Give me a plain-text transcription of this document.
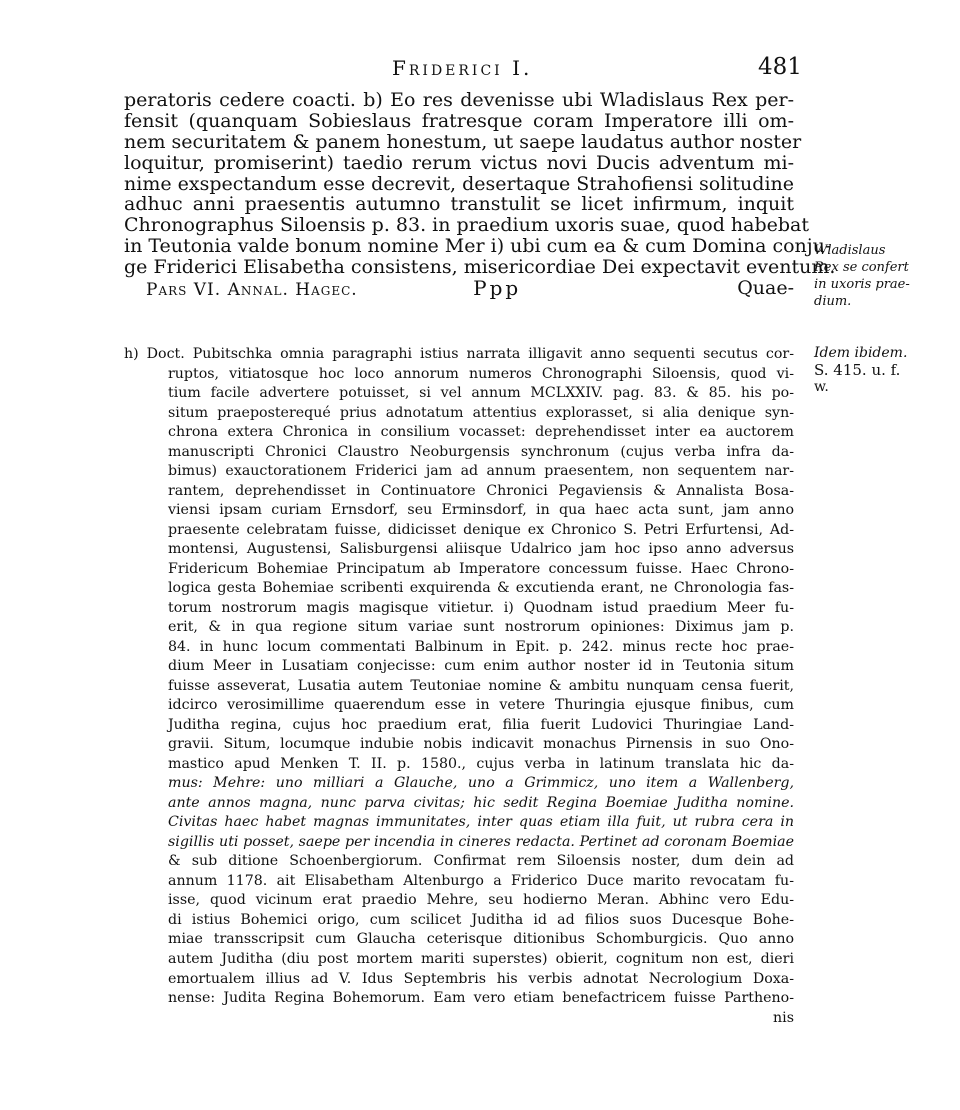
Friderici I.	481
peratoris cedere coacti. b) Eo res devenisse ubi Wladislaus Rex per-
fensit (quanquam Sobieslaus fratresque coram Imperatore illi om-
nem securitatem & panem honestum, ut saepe laudatus author noster
loquitur, promiserint) taedio rerum victus novi Ducis adventum mi-
nime exspectandum esse decrevit, desertaque Strahofiensi solitudine
adhuc anni praesentis autumno transtulit se licet infirmum, inquit
Chronographus Siloensis p. 83. in praedium uxoris suae, quod habebat
in Teutonia valde bonum nomine Mer i) ubi cum ea & cum Domina conju-
ge Friderici Elisabetha consistens, misericordiae Dei expectavit eventum.
Pars VI. Annal. Hagec.	Ppp	Quae-
h) Doct. Pubitschka omnia paragraphi istius narrata illigavit anno sequenti secutus cor-
ruptos, vitiatosque hoc loco annorum numeros Chronographi Siloensis, quod vi-
tium facile advertere potuisset, si vel annum MCLXXIV. pag. 83. & 85. his po-
situm praeposterequé prius adnotatum attentius explorasset, si alia denique syn-
chrona extera Chronica in consilium vocasset: deprehendisset inter ea auctorem
manuscripti Chronici Claustro Neoburgensis synchronum (cujus verba infra da-
bimus) exauctorationem Friderici jam ad annum praesentem, non sequentem nar-
rantem, deprehendisset in Continuatore Chronici Pegaviensis & Annalista Bosa-
viensi ipsam curiam Ernsdorf, seu Erminsdorf, in qua haec acta sunt, jam anno
praesente celebratam fuisse, didicisset denique ex Chronico S. Petri Erfurtensi, Ad-
montensi, Augustensi, Salisburgensi aliisque Udalrico jam hoc ipso anno adversus
Fridericum Bohemiae Principatum ab Imperatore concessum fuisse. Haec Chrono-
logica gesta Bohemiae scribenti exquirenda & excutienda erant, ne Chronologia fas-
torum nostrorum magis magisque vitietur. i) Quodnam istud praedium Meer fu-
erit, & in qua regione situm variae sunt nostrorum opiniones: Diximus jam p.
84. in hunc locum commentati Balbinum in Epit. p. 242. minus recte hoc prae-
dium Meer in Lusatiam conjecisse: cum enim author noster id in Teutonia situm
fuisse asseverat, Lusatia autem Teutoniae nomine & ambitu nunquam censa fuerit,
idcirco verosimillime quaerendum esse in vetere Thuringia ejusque finibus, cum
Juditha regina, cujus hoc praedium erat, filia fuerit Ludovici Thuringiae Land-
gravii. Situm, locumque indubie nobis indicavit monachus Pirnensis in suo Ono-
mastico apud Menken T. II. p. 1580., cujus verba in latinum translata hic da-
mus: Mehre: uno milliari a Glauche, uno a Grimmicz, uno item a Wallenberg,
ante annos magna, nunc parva civitas; hic sedit Regina Boemiae Juditha nomine.
Civitas haec habet magnas immunitates, inter quas etiam illa fuit, ut rubra cera in
sigillis uti posset, saepe per incendia in cineres redacta. Pertinet ad coronam Boemiae
& sub ditione Schoenbergiorum. Confirmat rem Siloensis noster, dum dein ad
annum 1178. ait Elisabetham Altenburgo a Friderico Duce marito revocatam fu-
isse, quod vicinum erat praedio Mehre, seu hodierno Meran. Abhinc vero Edu-
di istius Bohemici origo, cum scilicet Juditha id ad filios suos Ducesque Bohe-
miae transscripsit cum Glaucha ceterisque ditionibus Schomburgicis. Quo anno
autem Juditha (diu post mortem mariti superstes) obierit, cognitum non est, dieri
emortualem illius ad V. Idus Septembris his verbis adnotat Necrologium Doxa-
nense: Judita Regina Bohemorum. Eam vero etiam benefactricem fuisse Partheno-
nis
Wladislaus
Rex se confert
in uxoris prae-
dium.
Idem ibidem.
S. 415. u. f.
w.
